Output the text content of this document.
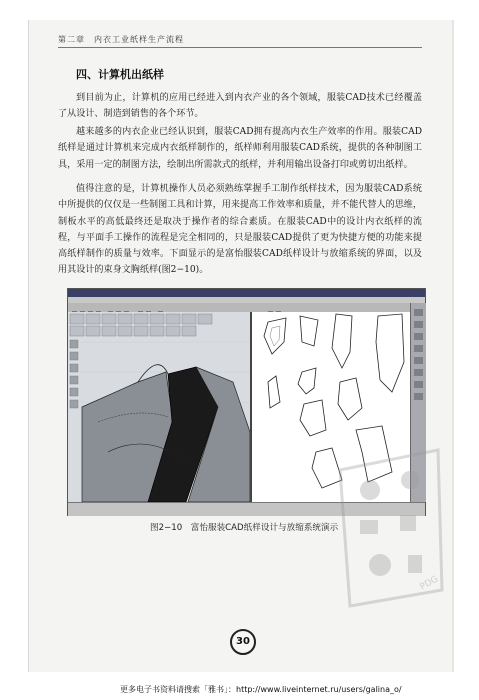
第二章　内衣工业纸样生产流程
四、计算机出纸样
到目前为止，计算机的应用已经进入到内衣产业的各个领域，服装CAD技术已经覆盖了从设计、制造到销售的各个环节。
越来越多的内衣企业已经认识到，服装CAD拥有提高内衣生产效率的作用。服装CAD纸样是通过计算机来完成内衣纸样制作的，纸样师利用服装CAD系统，提供的各种制图工具，采用一定的制图方法，绘制出所需款式的纸样，并利用输出设备打印或剪切出纸样。
值得注意的是，计算机操作人员必须熟练掌握手工制作纸样技术，因为服装CAD系统中所提供的仅仅是一些制图工具和计算，用来提高工作效率和质量，并不能代替人的思维，制板水平的高低最终还是取决于操作者的综合素质。在服装CAD中的设计内衣纸样的流程，与平面手工操作的流程是完全相同的，只是服装CAD提供了更为快捷方便的功能来提高纸样制作的质量与效率。下面显示的是富怡服装CAD纸样设计与放缩系统的界面，以及用其设计的束身文胸纸样(图2−10)。
图2−10　富怡服装CAD纸样设计与放缩系统演示
PDG
30
更多电子书资料请搜索「雅书」：http://www.liveinternet.ru/users/galina_o/
